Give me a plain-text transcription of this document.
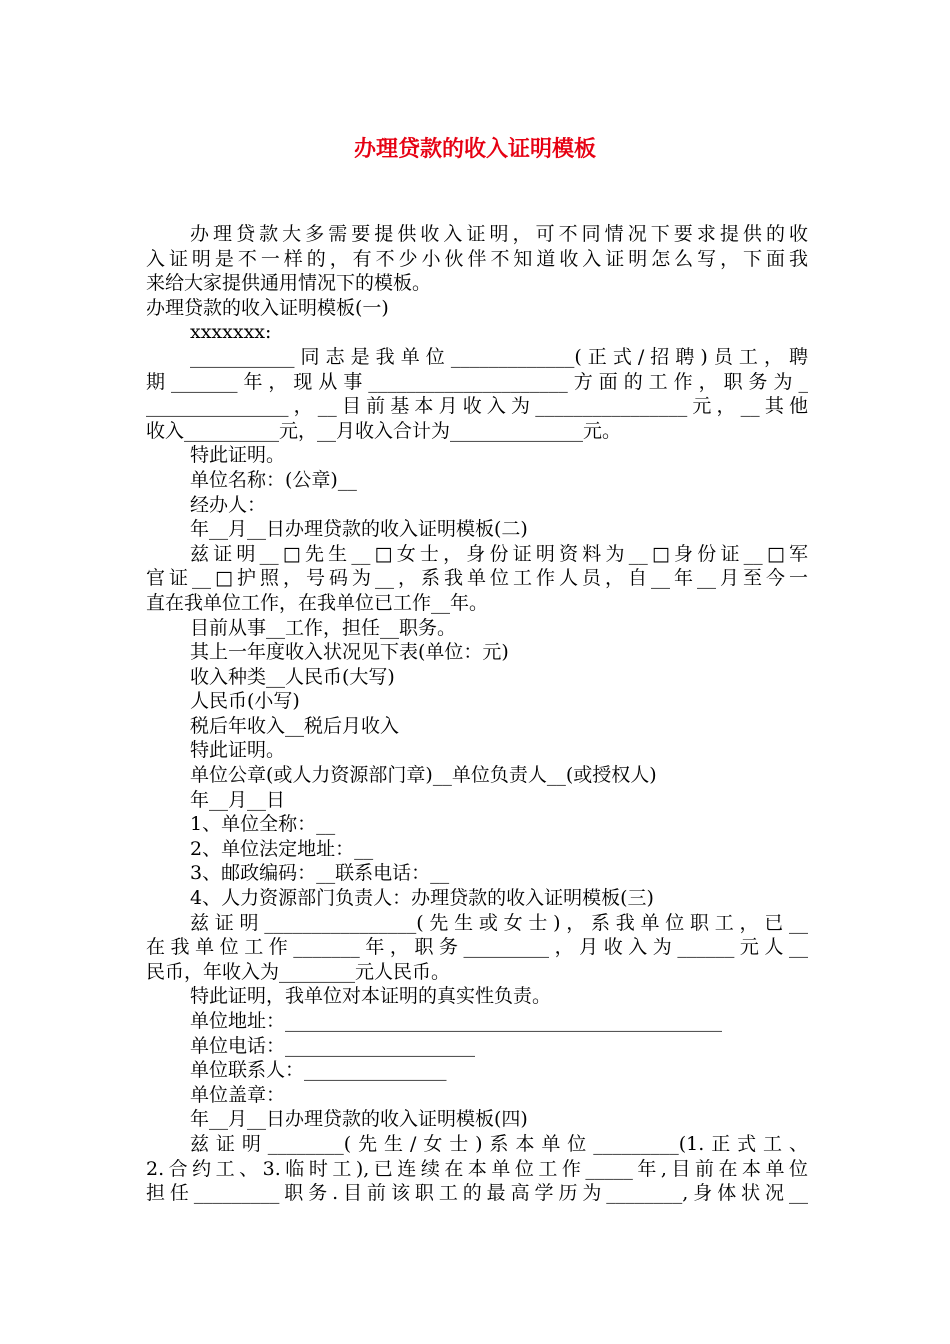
办理贷款的收入证明模板

办理贷款大多需要提供收入证明，可不同情况下要求提供的收

入证明是不一样的，有不少小伙伴不知道收入证明怎么写，下面我

来给大家提供通用情况下的模板。

办理贷款的收入证明模板(一)

xxxxxxx:

___________同志是我单位_____________(正式/招聘)员工，聘

期_______年，现从事_____________________方面的工作，职务为_

_______________，__目前基本月收入为________________元，__其他

收入__________元，__月收入合计为______________元。

特此证明。

单位名称：(公章)__

经办人：

年__月__日办理贷款的收入证明模板(二)

兹证明__□先生__□女士，身份证明资料为__□身份证__□军

官证__□护照，号码为__，系我单位工作人员，自__年__月至今一

直在我单位工作，在我单位已工作__年。

目前从事__工作，担任__职务。

其上一年度收入状况见下表(单位：元)

收入种类__人民币(大写)

人民币(小写)

税后年收入__税后月收入

特此证明。

单位公章(或人力资源部门章)__单位负责人__(或授权人)

年__月__日

1、单位全称：__

2、单位法定地址：__

3、邮政编码：__联系电话：__

4、人力资源部门负责人：办理贷款的收入证明模板(三)

兹证明________________(先生或女士)，系我单位职工，已__

在我单位工作_______年，职务_________，月收入为______元人__

民币，年收入为________元人民币。

特此证明，我单位对本证明的真实性负责。

单位地址：______________________________________________

单位电话：____________________

单位联系人：_______________

单位盖章：

年__月__日办理贷款的收入证明模板(四)

兹证明________(先生/女士)系本单位_________(1.正式工、

2.合约工、3.临时工),已连续在本单位工作_____年,目前在本单位

担任_________职务.目前该职工的最高学历为________,身体状况__
